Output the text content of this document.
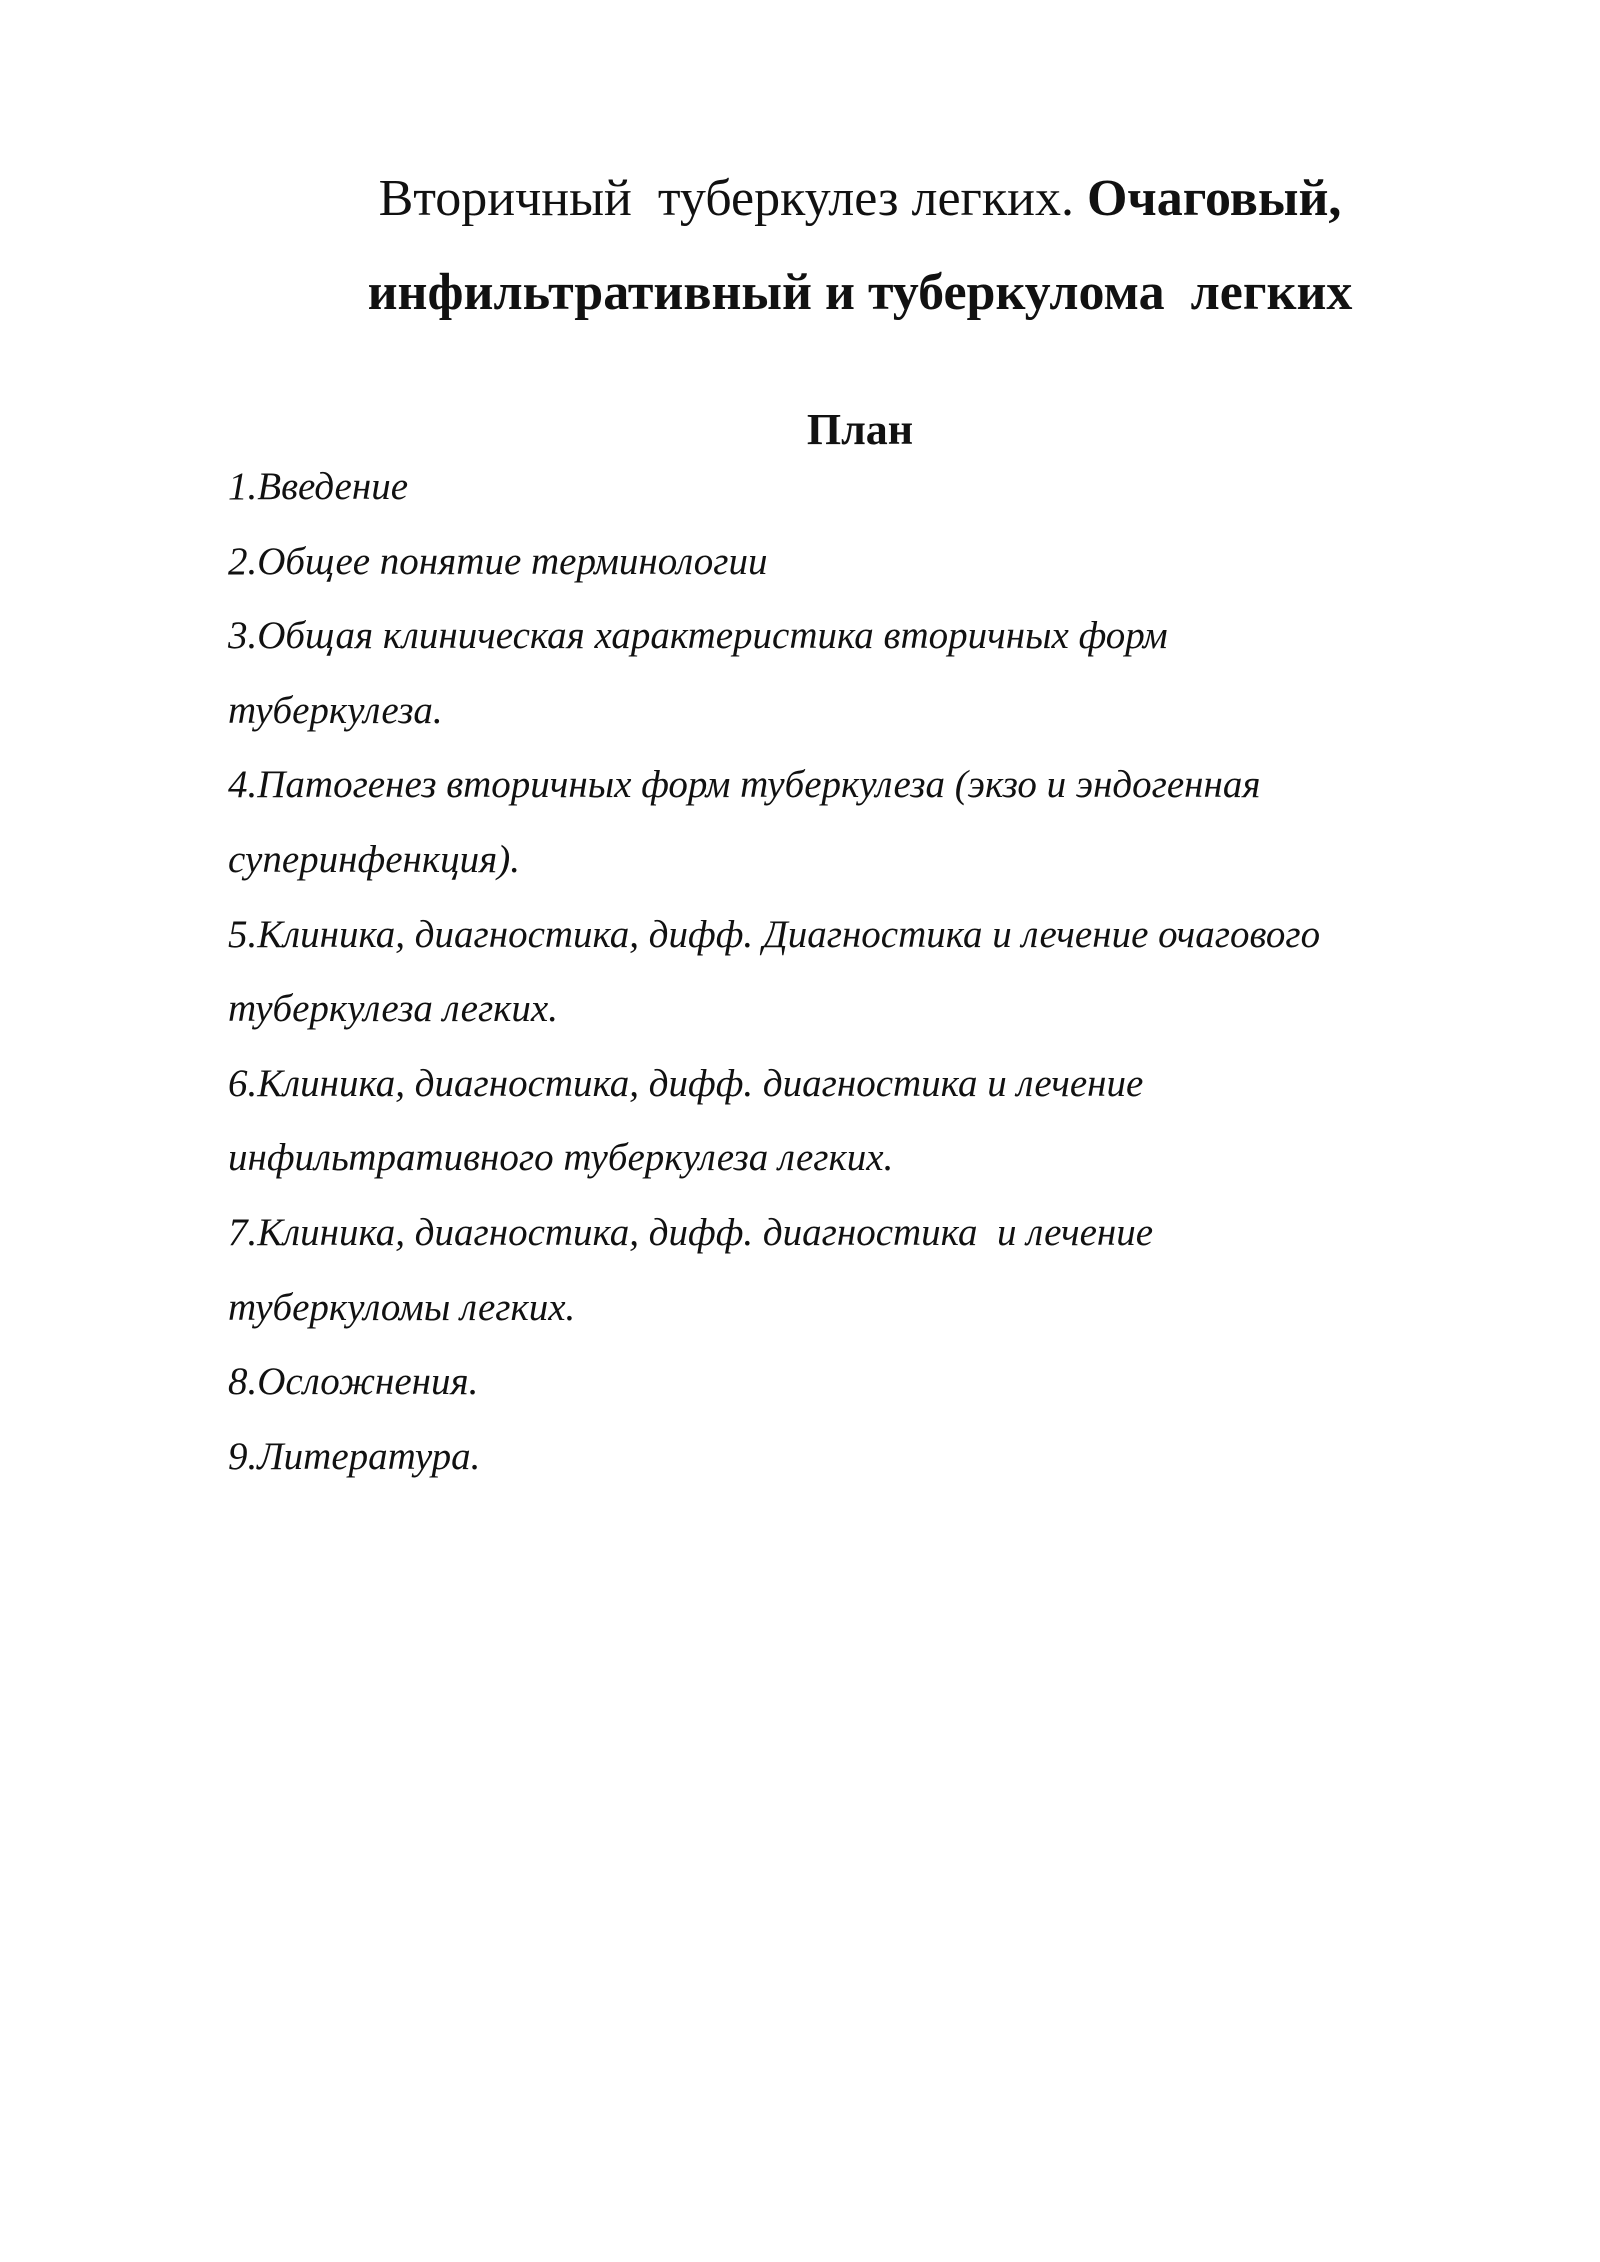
Вторичный  туберкулез легких. Очаговый,
инфильтративный и туберкулома  легких
План
1.Введение
2.Общее понятие терминологии
3.Общая клиническая характеристика вторичных форм
туберкулеза.
4.Патогенез вторичных форм туберкулеза (экзо и эндогенная
суперинфенкция).
5.Клиника, диагностика, дифф. Диагностика и лечение очагового
туберкулеза легких.
6.Клиника, диагностика, дифф. диагностика и лечение
инфильтративного туберкулеза легких.
7.Клиника, диагностика, дифф. диагностика  и лечение
туберкуломы легких.
8.Осложнения.
9.Литература.
